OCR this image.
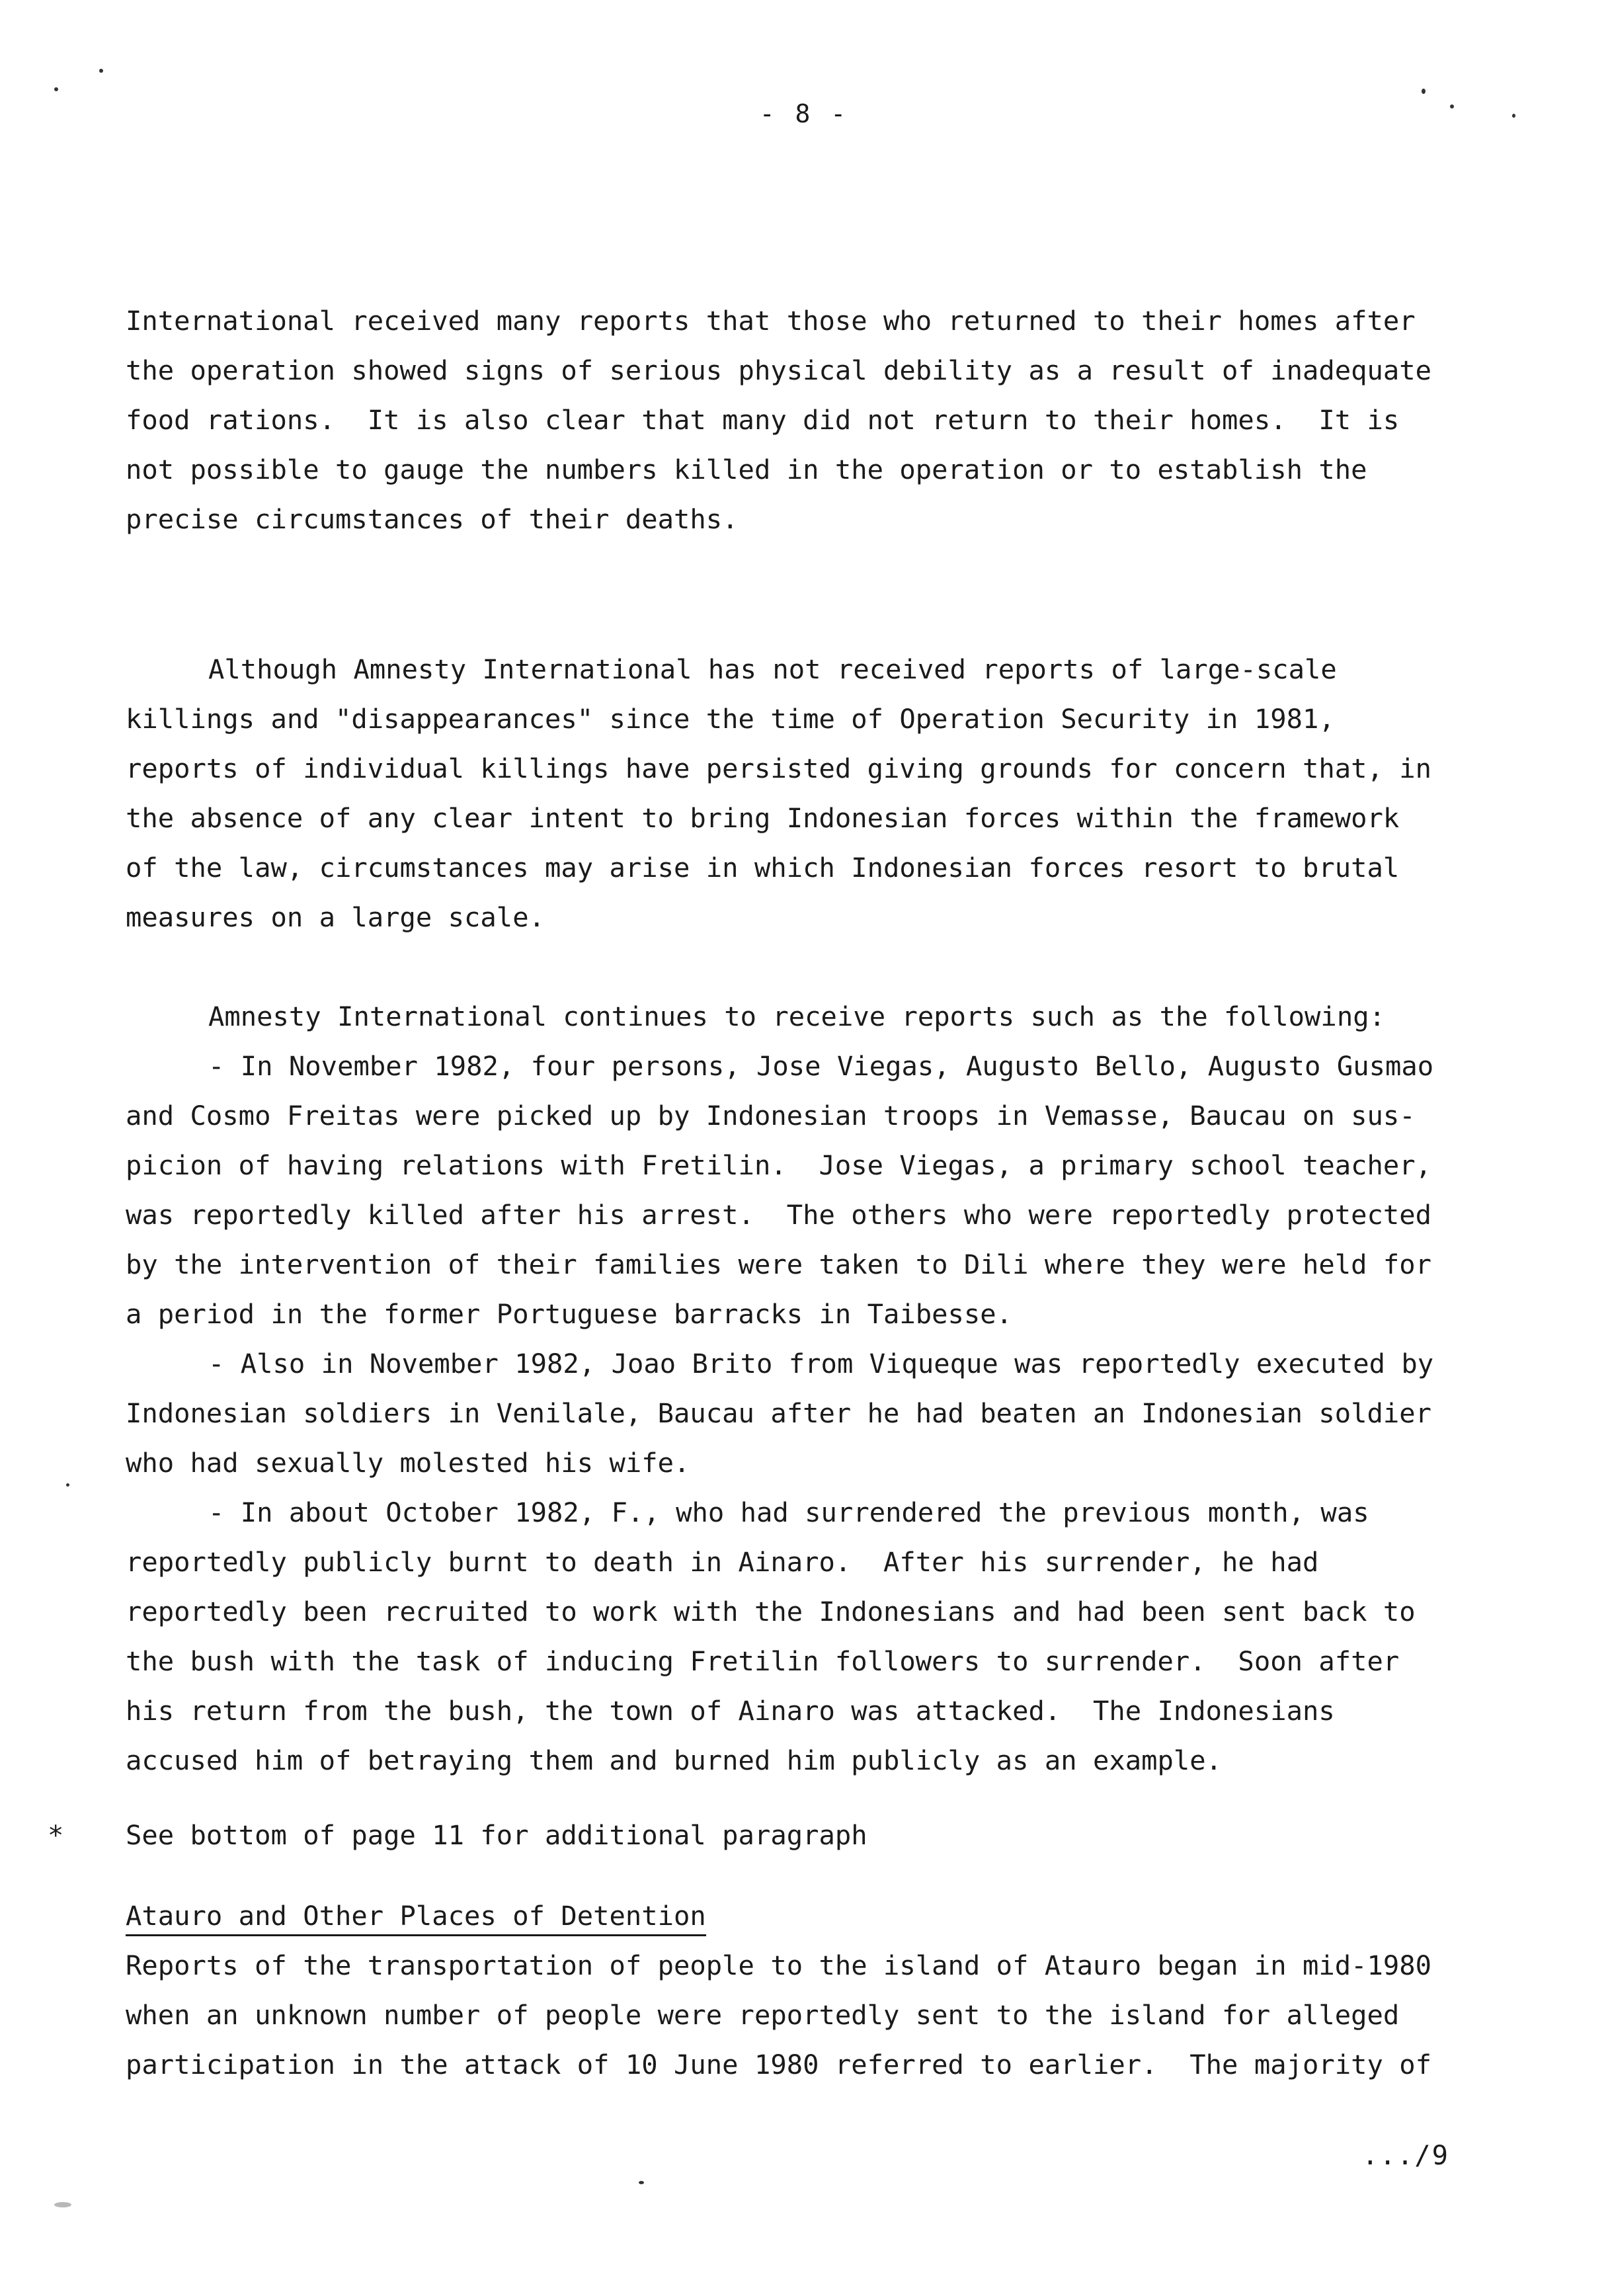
- 8 -
International received many reports that those who returned to their homes after
the operation showed signs of serious physical debility as a result of inadequate
food rations.  It is also clear that many did not return to their homes.  It is
not possible to gauge the numbers killed in the operation or to establish the
precise circumstances of their deaths.
Although Amnesty International has not received reports of large-scale
killings and "disappearances" since the time of Operation Security in 1981,
reports of individual killings have persisted giving grounds for concern that, in
the absence of any clear intent to bring Indonesian forces within the framework
of the law, circumstances may arise in which Indonesian forces resort to brutal
measures on a large scale.
Amnesty International continues to receive reports such as the following:
- In November 1982, four persons, Jose Viegas, Augusto Bello, Augusto Gusmao
and Cosmo Freitas were picked up by Indonesian troops in Vemasse, Baucau on sus-
picion of having relations with Fretilin.  Jose Viegas, a primary school teacher,
was reportedly killed after his arrest.  The others who were reportedly protected
by the intervention of their families were taken to Dili where they were held for
a period in the former Portuguese barracks in Taibesse.
- Also in November 1982, Joao Brito from Viqueque was reportedly executed by
Indonesian soldiers in Venilale, Baucau after he had beaten an Indonesian soldier
who had sexually molested his wife.
- In about October 1982, F., who had surrendered the previous month, was
reportedly publicly burnt to death in Ainaro.  After his surrender, he had
reportedly been recruited to work with the Indonesians and had been sent back to
the bush with the task of inducing Fretilin followers to surrender.  Soon after
his return from the bush, the town of Ainaro was attacked.  The Indonesians
accused him of betraying them and burned him publicly as an example.
* See bottom of page 11 for additional paragraph
Atauro and Other Places of Detention
Reports of the transportation of people to the island of Atauro began in mid-1980
when an unknown number of people were reportedly sent to the island for alleged
participation in the attack of 10 June 1980 referred to earlier.  The majority of
.../9
